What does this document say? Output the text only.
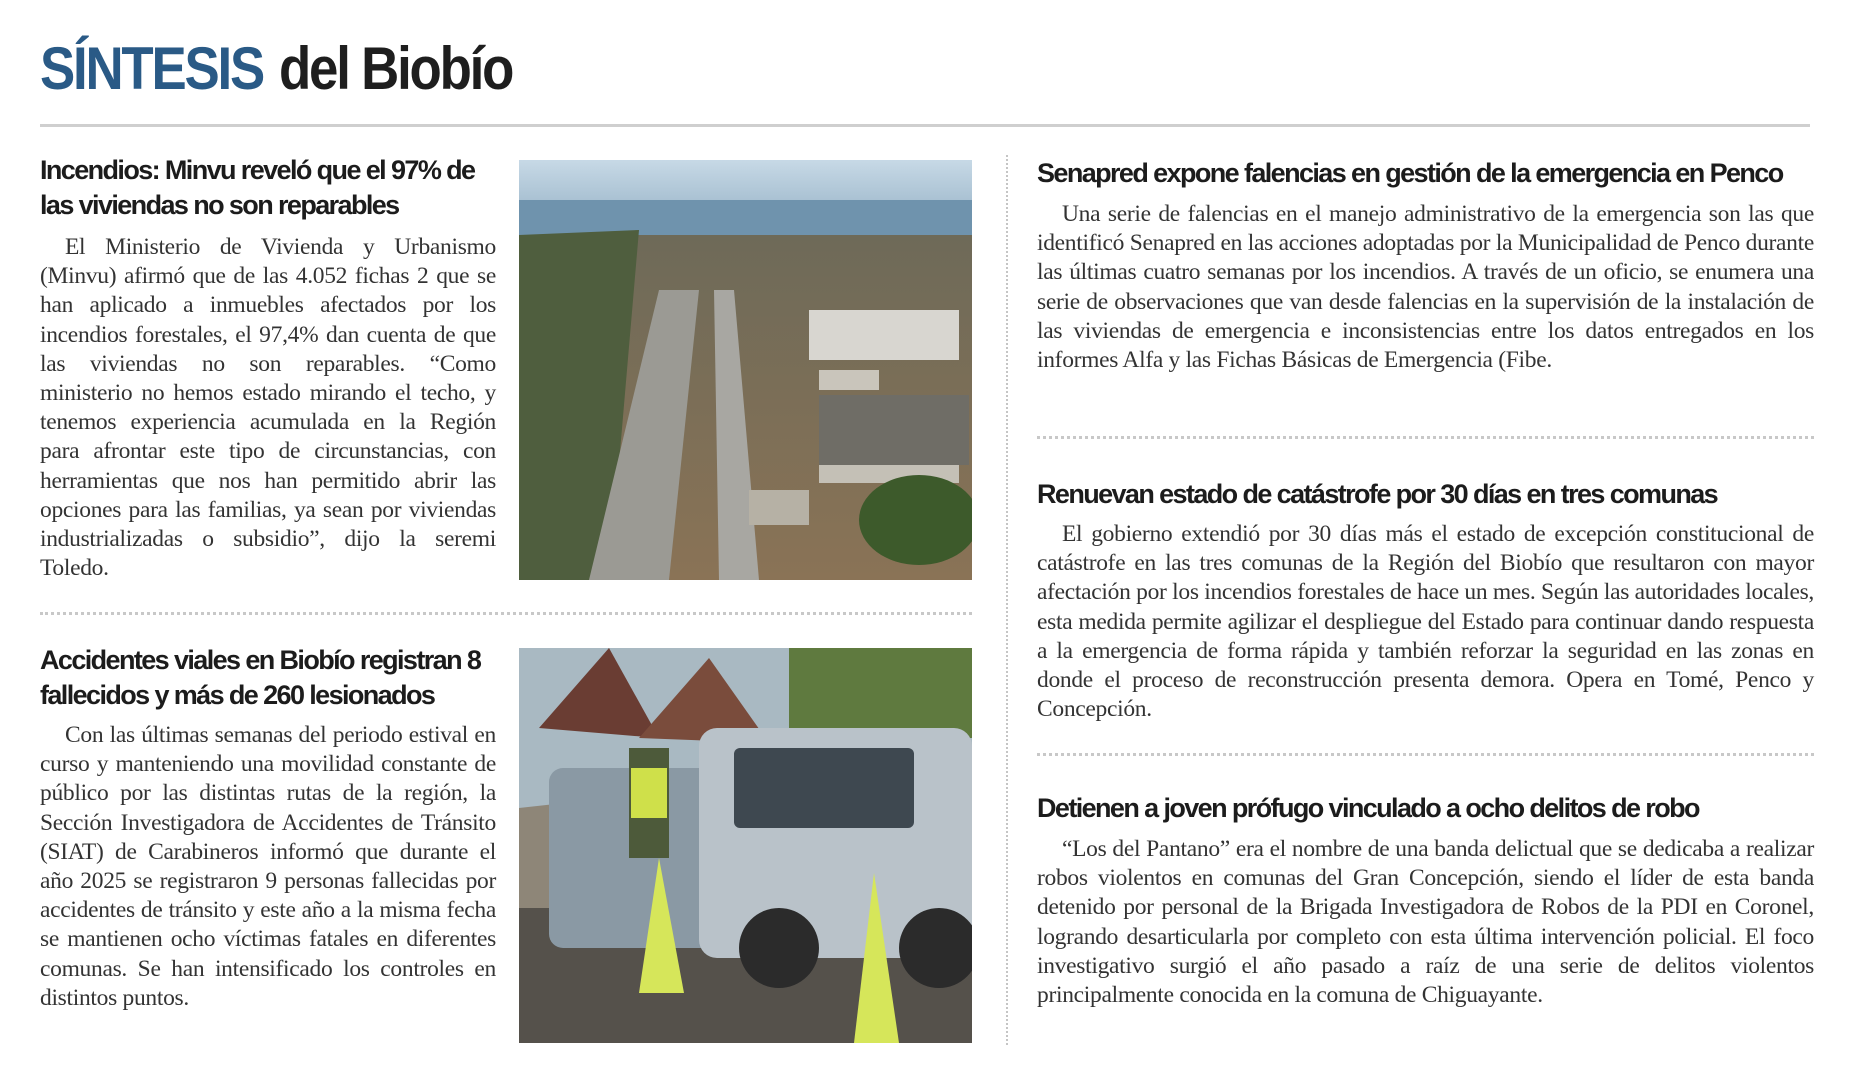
SÍNTESIS del Biobío
Incendios: Minvu reveló que el 97% de las viviendas no son reparables

El Ministerio de Vivienda y Urbanismo (Minvu) afirmó que de las 4.052 fichas 2 que se han aplicado a inmuebles afectados por los incendios forestales, el 97,4% dan cuenta de que las viviendas no son reparables. “Como ministerio no hemos estado mirando el techo, y tenemos experiencia acumulada en la Región para afrontar este tipo de circunstancias, con herramientas que nos han permitido abrir las opciones para las familias, ya sean por viviendas industrializadas o subsidio”, dijo la seremi Toledo.

Accidentes viales en Biobío registran 8 fallecidos y más de 260 lesionados

Con las últimas semanas del periodo estival en curso y manteniendo una movilidad constante de público por las distintas rutas de la región, la Sección Investigadora de Accidentes de Tránsito (SIAT) de Carabineros informó que durante el año 2025 se registraron 9 personas fallecidas por accidentes de tránsito y este año a la misma fecha se mantienen ocho víctimas fatales en diferentes comunas. Se han intensificado los controles en distintos puntos.

Senapred expone falencias en gestión de la emergencia en Penco

Una serie de falencias en el manejo administrativo de la emergencia son las que identificó Senapred en las acciones adoptadas por la Municipalidad de Penco durante las últimas cuatro semanas por los incendios. A través de un oficio, se enumera una serie de observaciones que van desde falencias en la supervisión de la instalación de las viviendas de emergencia e inconsistencias entre los datos entregados en los informes Alfa y las Fichas Básicas de Emergencia (Fibe.

Renuevan estado de catástrofe por 30 días en tres comunas

El gobierno extendió por 30 días más el estado de excepción constitucional de catástrofe en las tres comunas de la Región del Biobío que resultaron con mayor afectación por los incendios forestales de hace un mes. Según las autoridades locales, esta medida permite agilizar el despliegue del Estado para continuar dando respuesta a la emergencia de forma rápida y también reforzar la seguridad en las zonas en donde el proceso de reconstrucción presenta demora. Opera en Tomé, Penco y Concepción.

Detienen a joven prófugo vinculado a ocho delitos de robo

“Los del Pantano” era el nombre de una banda delictual que se dedicaba a realizar robos violentos en comunas del Gran Concepción, siendo el líder de esta banda detenido por personal de la Brigada Investigadora de Robos de la PDI en Coronel, logrando desarticularla por completo con esta última intervención policial. El foco investigativo surgió el año pasado a raíz de una serie de delitos violentos principalmente conocida en la comuna de Chiguayante.
